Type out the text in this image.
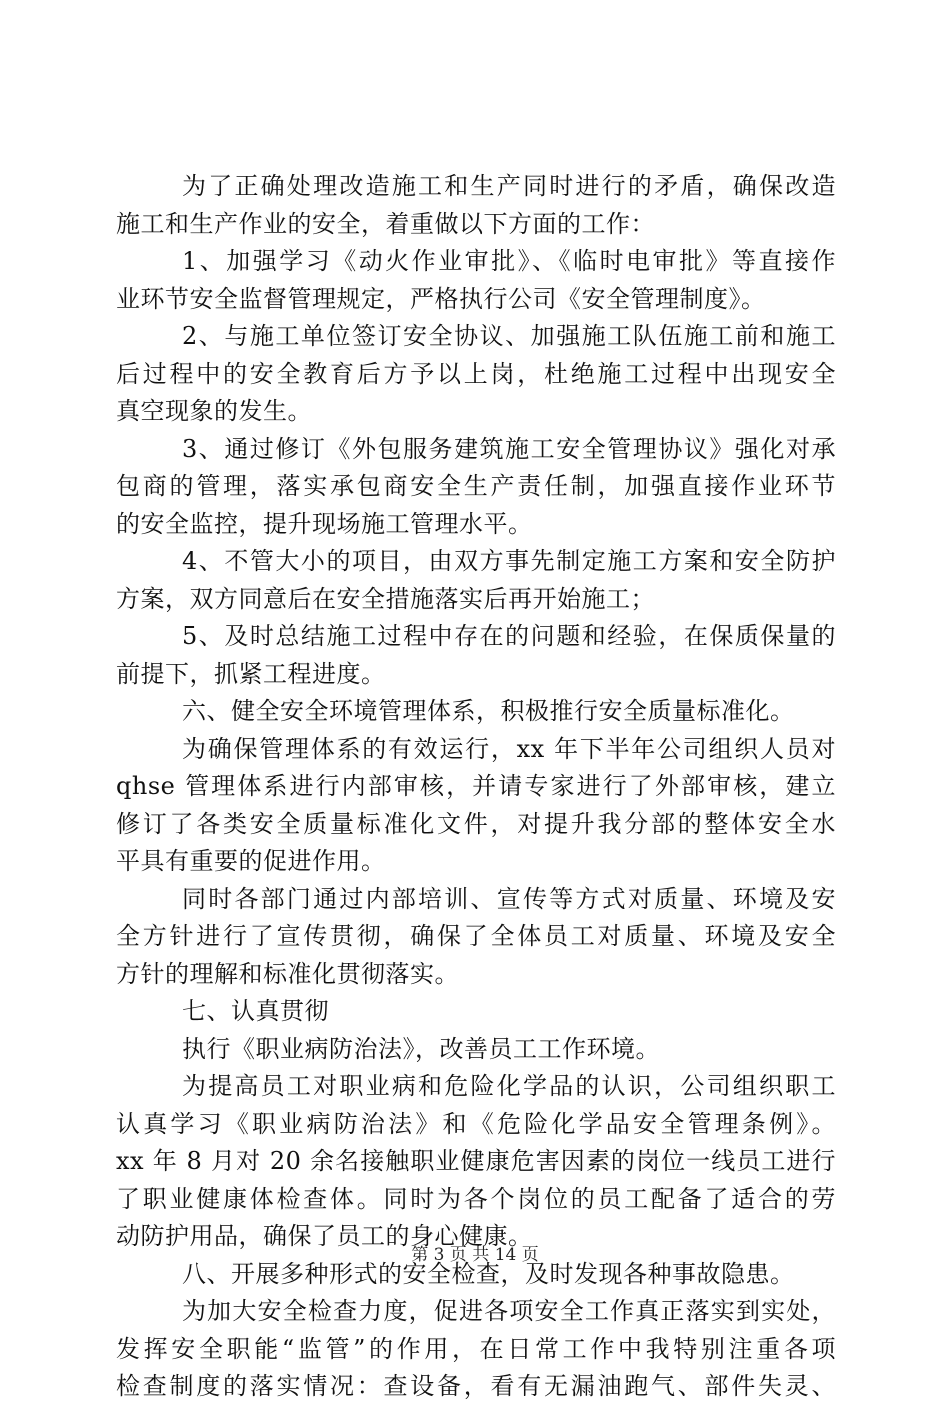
为了正确处理改造施工和生产同时进行的矛盾，确保改造
施工和生产作业的安全，着重做以下方面的工作：
1、加强学习《动火作业审批》、《临时电审批》等直接作
业环节安全监督管理规定，严格执行公司《安全管理制度》。
2、与施工单位签订安全协议、加强施工队伍施工前和施工
后过程中的安全教育后方予以上岗，杜绝施工过程中出现安全
真空现象的发生。
3、通过修订《外包服务建筑施工安全管理协议》强化对承
包商的管理，落实承包商安全生产责任制，加强直接作业环节
的安全监控，提升现场施工管理水平。
4、不管大小的项目，由双方事先制定施工方案和安全防护
方案，双方同意后在安全措施落实后再开始施工；
5、及时总结施工过程中存在的问题和经验，在保质保量的
前提下，抓紧工程进度。
六、健全安全环境管理体系，积极推行安全质量标准化。
为确保管理体系的有效运行，xx 年下半年公司组织人员对
qhse 管理体系进行内部审核，并请专家进行了外部审核，建立
修订了各类安全质量标准化文件，对提升我分部的整体安全水
平具有重要的促进作用。
同时各部门通过内部培训、宣传等方式对质量、环境及安
全方针进行了宣传贯彻，确保了全体员工对质量、环境及安全
方针的理解和标准化贯彻落实。
七、认真贯彻
执行《职业病防治法》，改善员工工作环境。
为提高员工对职业病和危险化学品的认识，公司组织职工
认真学习《职业病防治法》和《危险化学品安全管理条例》。
xx 年 8 月对 20 余名接触职业健康危害因素的岗位一线员工进行
了职业健康体检查体。同时为各个岗位的员工配备了适合的劳
动防护用品，确保了员工的身心健康。
八、开展多种形式的安全检查，及时发现各种事故隐患。
为加大安全检查力度，促进各项安全工作真正落实到实处，
发挥安全职能“监管”的作用，在日常工作中我特别注重各项
检查制度的落实情况：查设备，看有无漏油跑气、部件失灵、
第 3 页 共 14 页
